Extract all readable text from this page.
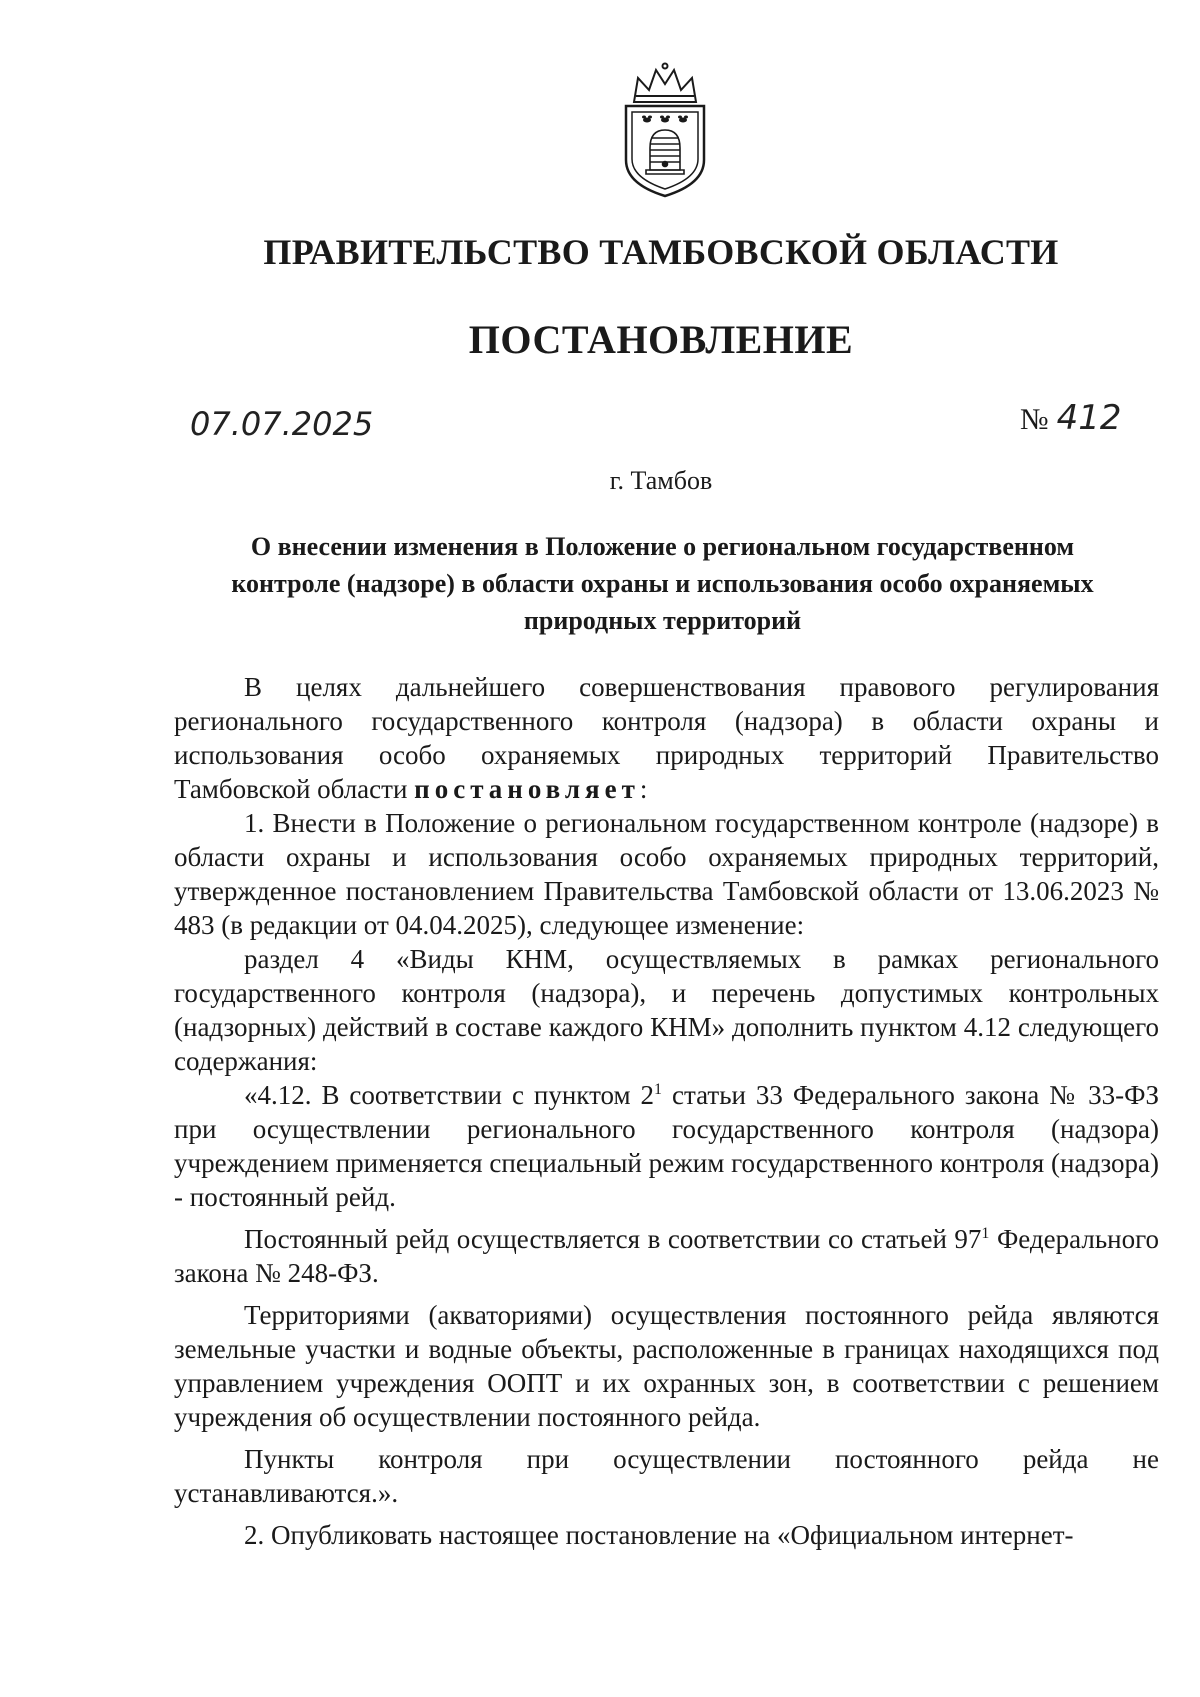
ПРАВИТЕЛЬСТВО ТАМБОВСКОЙ ОБЛАСТИ
ПОСТАНОВЛЕНИЕ
07.07.2025	№ 412
г. Тамбов
О внесении изменения в Положение о региональном государственном контроле (надзоре) в области охраны и использования особо охраняемых природных территорий

В целях дальнейшего совершенствования правового регулирования регионального государственного контроля (надзора) в области охраны и использования особо охраняемых природных территорий Правительство Тамбовской области постановляет:

1. Внести в Положение о региональном государственном контроле (надзоре) в области охраны и использования особо охраняемых природных территорий, утвержденное постановлением Правительства Тамбовской области от 13.06.2023 № 483 (в редакции от 04.04.2025), следующее изменение:

раздел 4 «Виды КНМ, осуществляемых в рамках регионального государственного контроля (надзора), и перечень допустимых контрольных (надзорных) действий в составе каждого КНМ» дополнить пунктом 4.12 следующего содержания:

«4.12. В соответствии с пунктом $2^1$ статьи 33 Федерального закона № 33-ФЗ при осуществлении регионального государственного контроля (надзора) учреждением применяется специальный режим государственного контроля (надзора) - постоянный рейд.

Постоянный рейд осуществляется в соответствии со статьей $97^1$ Федерального закона № 248-ФЗ.

Территориями (акваториями) осуществления постоянного рейда являются земельные участки и водные объекты, расположенные в границах находящихся под управлением учреждения ООПТ и их охранных зон, в соответствии с решением учреждения об осуществлении постоянного рейда.

Пункты контроля при осуществлении постоянного рейда не устанавливаются.».

2. Опубликовать настоящее постановление на «Официальном интернет-
